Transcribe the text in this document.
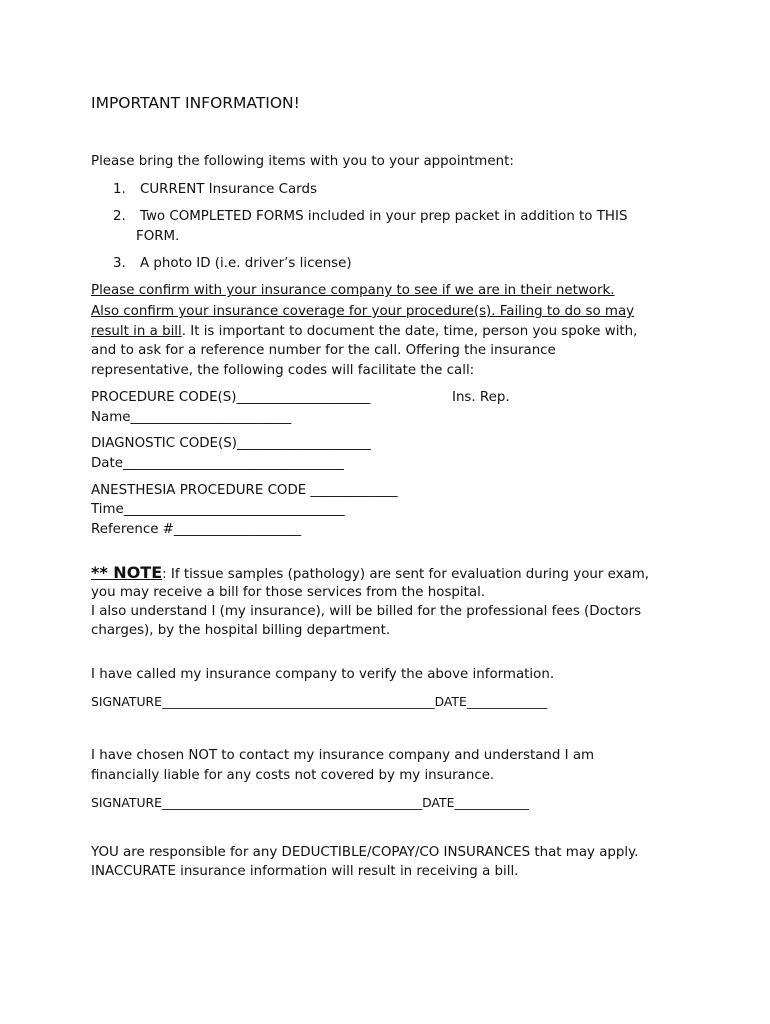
IMPORTANT INFORMATION!
Please bring the following items with you to your appointment:
1. CURRENT Insurance Cards
2. Two COMPLETED FORMS included in your prep packet in addition to THIS
FORM.
3. A photo ID (i.e. driver’s license)
Please confirm with your insurance company to see if we are in their network.
Also confirm your insurance coverage for your procedure(s). Failing to do so may
result in a bill. It is important to document the date, time, person you spoke with,
and to ask for a reference number for the call. Offering the insurance
representative, the following codes will facilitate the call:
PROCEDURE CODE(S)____________________	Ins. Rep.
Name________________________
DIAGNOSTIC CODE(S)____________________
Date_________________________________
ANESTHESIA PROCEDURE CODE _____________
Time_________________________________
Reference #___________________
** NOTE: If tissue samples (pathology) are sent for evaluation during your exam,
you may receive a bill for those services from the hospital.
I also understand I (my insurance), will be billed for the professional fees (Doctors
charges), by the hospital billing department.
I have called my insurance company to verify the above information.
SIGNATURE____________________________________________DATE_____________
I have chosen NOT to contact my insurance company and understand I am
financially liable for any costs not covered by my insurance.
SIGNATURE__________________________________________DATE____________
YOU are responsible for any DEDUCTIBLE/COPAY/CO INSURANCES that may apply.
INACCURATE insurance information will result in receiving a bill.
